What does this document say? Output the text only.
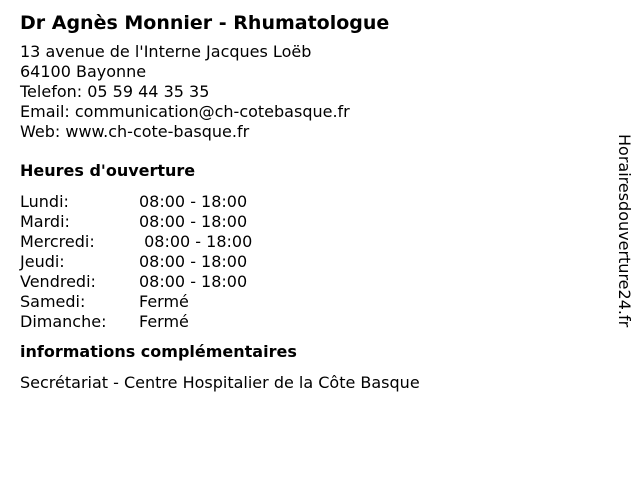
Dr Agnès Monnier - Rhumatologue
13 avenue de l'Interne Jacques Loëb
64100 Bayonne
Telefon: 05 59 44 35 35
Email: communication@ch-cotebasque.fr
Web: www.ch-cote-basque.fr
Heures d'ouverture
Lundi:	08:00 - 18:00
Mardi:	08:00 - 18:00
Mercredi:	08:00 - 18:00
Jeudi:	08:00 - 18:00
Vendredi:	08:00 - 18:00
Samedi:	Fermé
Dimanche:	Fermé
informations complémentaires
Secrétariat - Centre Hospitalier de la Côte Basque
Horairesdouverture24.fr
